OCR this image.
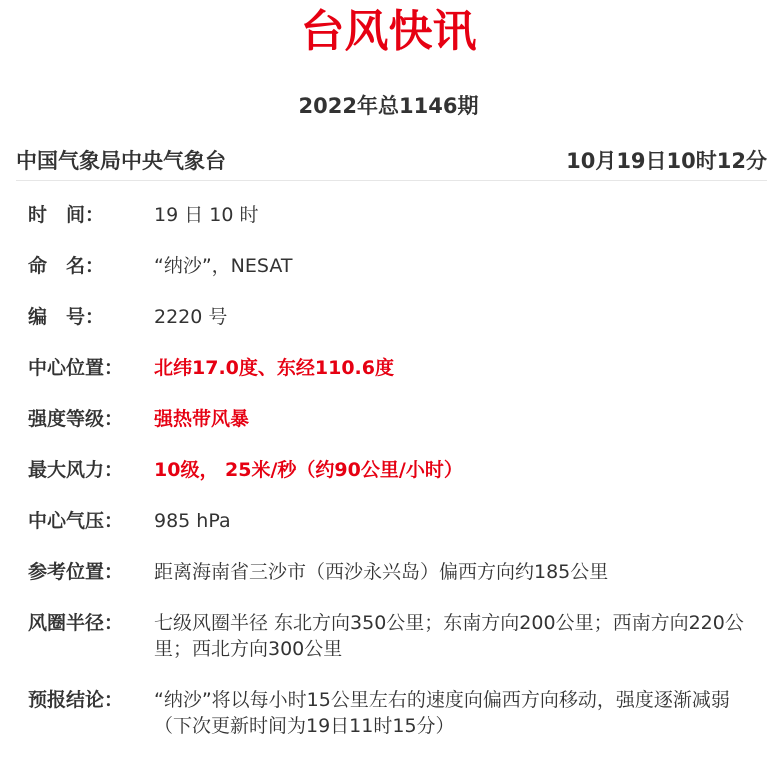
台风快讯
2022年总1146期
中国气象局中央气象台	10月19日10时12分
时　间：	19 日 10 时
命　名：	“纳沙”，NESAT
编　号：	2220 号
中心位置：	北纬17.0度、东经110.6度
强度等级：	强热带风暴
最大风力：	10级， 25米/秒（约90公里/小时）
中心气压：	985 hPa
参考位置：	距离海南省三沙市（西沙永兴岛）偏西方向约185公里
风圈半径：	七级风圈半径 东北方向350公里；东南方向200公里；西南方向220公里；西北方向300公里
预报结论：	“纳沙”将以每小时15公里左右的速度向偏西方向移动，强度逐渐减弱
（下次更新时间为19日11时15分）
